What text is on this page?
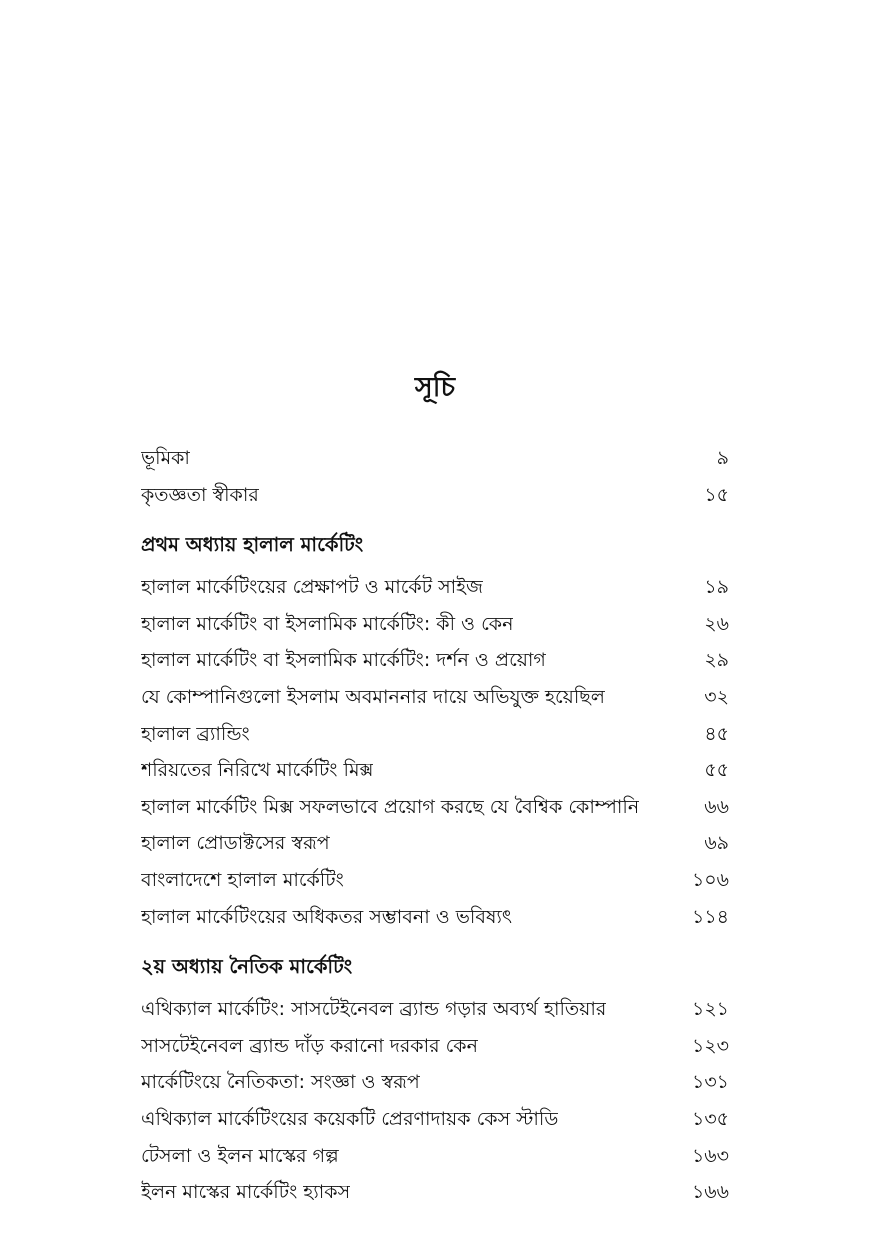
সূচি
ভূমিকা	৯
কৃতজ্ঞতা স্বীকার	১৫
প্রথম অধ্যায় হালাল মার্কেটিং
হালাল মার্কেটিংয়ের প্রেক্ষাপট ও মার্কেট সাইজ	১৯
হালাল মার্কেটিং বা ইসলামিক মার্কেটিং: কী ও কেন	২৬
হালাল মার্কেটিং বা ইসলামিক মার্কেটিং: দর্শন ও প্রয়োগ	২৯
যে কোম্পানিগুলো ইসলাম অবমাননার দায়ে অভিযুক্ত হয়েছিল	৩২
হালাল ব্র্যান্ডিং	৪৫
শরিয়তের নিরিখে মার্কেটিং মিক্স	৫৫
হালাল মার্কেটিং মিক্স সফলভাবে প্রয়োগ করছে যে বৈশ্বিক কোম্পানি	৬৬
হালাল প্রোডাক্টসের স্বরূপ	৬৯
বাংলাদেশে হালাল মার্কেটিং	১০৬
হালাল মার্কেটিংয়ের অধিকতর সম্ভাবনা ও ভবিষ্যৎ	১১৪
২য় অধ্যায় নৈতিক মার্কেটিং
এথিক্যাল মার্কেটিং: সাসটেইনেবল ব্র্যান্ড গড়ার অব্যর্থ হাতিয়ার	১২১
সাসটেইনেবল ব্র্যান্ড দাঁড় করানো দরকার কেন	১২৩
মার্কেটিংয়ে নৈতিকতা: সংজ্ঞা ও স্বরূপ	১৩১
এথিক্যাল মার্কেটিংয়ের কয়েকটি প্রেরণাদায়ক কেস স্টাডি	১৩৫
টেসলা ও ইলন মাস্কের গল্প	১৬৩
ইলন মাস্কের মার্কেটিং হ্যাকস	১৬৬
